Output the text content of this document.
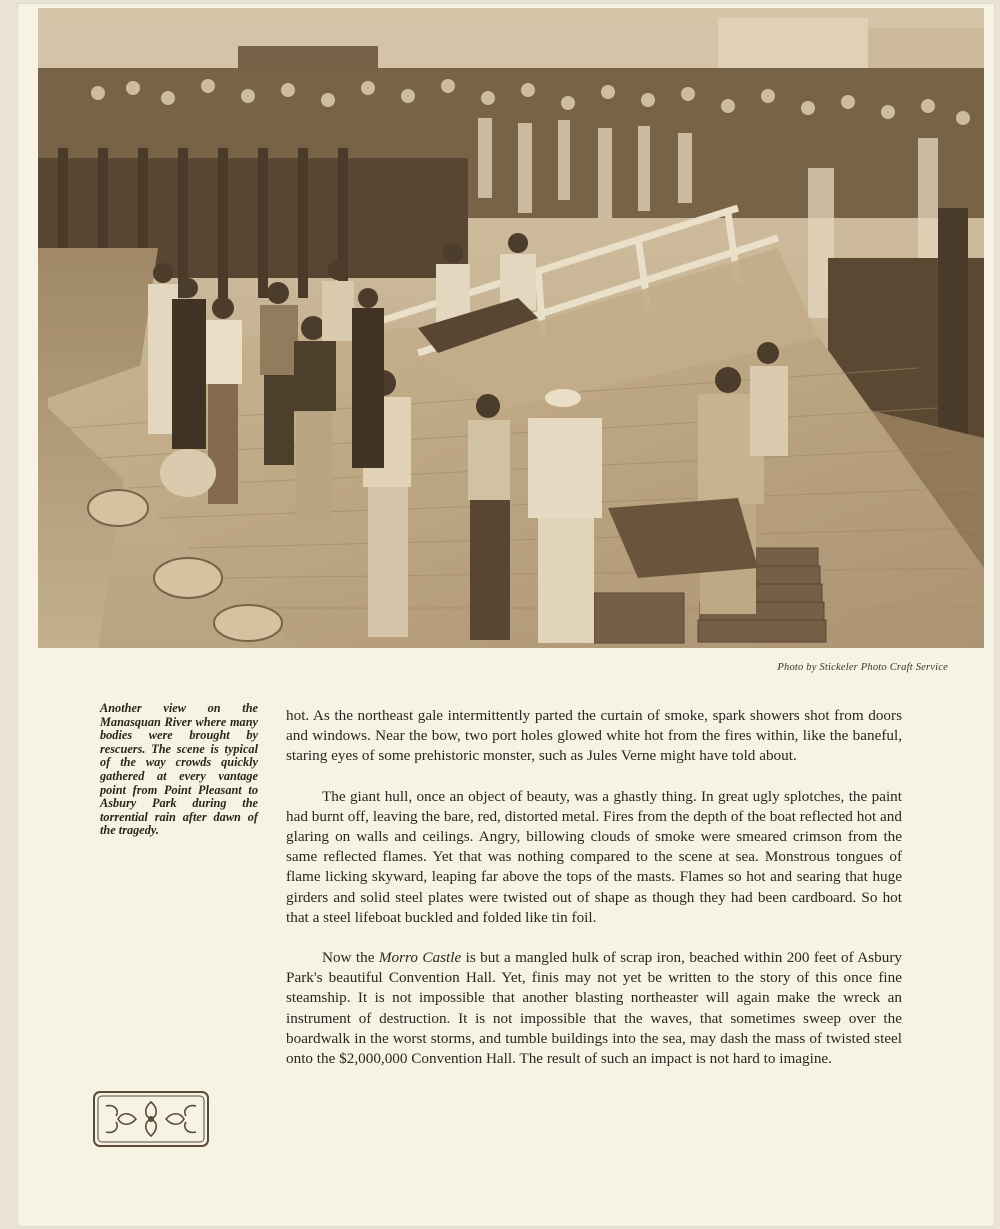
Photo by Stickeler Photo Craft Service
Another view on the Manasquan River where many bodies were brought by rescuers. The scene is typical of the way crowds quickly gathered at every vantage point from Point Pleasant to Asbury Park during the torrential rain after dawn of the tragedy.

hot. As the northeast gale intermittently parted the curtain of smoke, spark showers shot from doors and windows. Near the bow, two port holes glowed white hot from the fires within, like the baneful, staring eyes of some prehistoric monster, such as Jules Verne might have told about.

The giant hull, once an object of beauty, was a ghastly thing. In great ugly splotches, the paint had burnt off, leaving the bare, red, distorted metal. Fires from the depth of the boat reflected hot and glaring on walls and ceilings. Angry, billowing clouds of smoke were smeared crimson from the same reflected flames. Yet that was nothing compared to the scene at sea. Monstrous tongues of flame licking skyward, leaping far above the tops of the masts. Flames so hot and searing that huge girders and solid steel plates were twisted out of shape as though they had been cardboard. So hot that a steel lifeboat buckled and folded like tin foil.

Now the Morro Castle is but a mangled hulk of scrap iron, beached within 200 feet of Asbury Park's beautiful Convention Hall. Yet, finis may not yet be written to the story of this once fine steamship. It is not impossible that another blasting northeaster will again make the wreck an instrument of destruction. It is not impossible that the waves, that sometimes sweep over the boardwalk in the worst storms, and tumble buildings into the sea, may dash the mass of twisted steel onto the $2,000,000 Convention Hall. The result of such an impact is not hard to imagine.
